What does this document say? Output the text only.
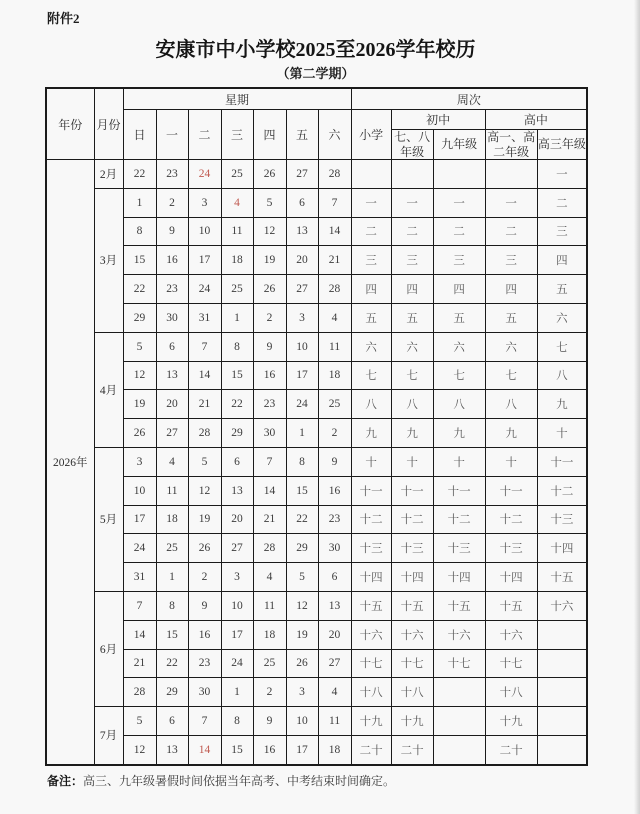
附件2
安康市中小学校2025至2026学年校历
（第二学期）
年份	月份	星期							周次				
		日	一	二	三	四	五	六	小学	初中		高中	
										七、八年级	九年级	高一、高二年级	高三年级
2026年	2月	22	23	24	25	26	27	28					一
	3月	1	2	3	4	5	6	7	一	一	一	一	二
		8	9	10	11	12	13	14	二	二	二	二	三
		15	16	17	18	19	20	21	三	三	三	三	四
		22	23	24	25	26	27	28	四	四	四	四	五
		29	30	31	1	2	3	4	五	五	五	五	六
	4月	5	6	7	8	9	10	11	六	六	六	六	七
		12	13	14	15	16	17	18	七	七	七	七	八
		19	20	21	22	23	24	25	八	八	八	八	九
		26	27	28	29	30	1	2	九	九	九	九	十
	5月	3	4	5	6	7	8	9	十	十	十	十	十一
		10	11	12	13	14	15	16	十一	十一	十一	十一	十二
		17	18	19	20	21	22	23	十二	十二	十二	十二	十三
		24	25	26	27	28	29	30	十三	十三	十三	十三	十四
		31	1	2	3	4	5	6	十四	十四	十四	十四	十五
	6月	7	8	9	10	11	12	13	十五	十五	十五	十五	十六
		14	15	16	17	18	19	20	十六	十六	十六	十六	
		21	22	23	24	25	26	27	十七	十七	十七	十七	
		28	29	30	1	2	3	4	十八	十八		十八	
	7月	5	6	7	8	9	10	11	十九	十九		十九	
		12	13	14	15	16	17	18	二十	二十		二十	
备注：高三、九年级暑假时间依据当年高考、中考结束时间确定。
